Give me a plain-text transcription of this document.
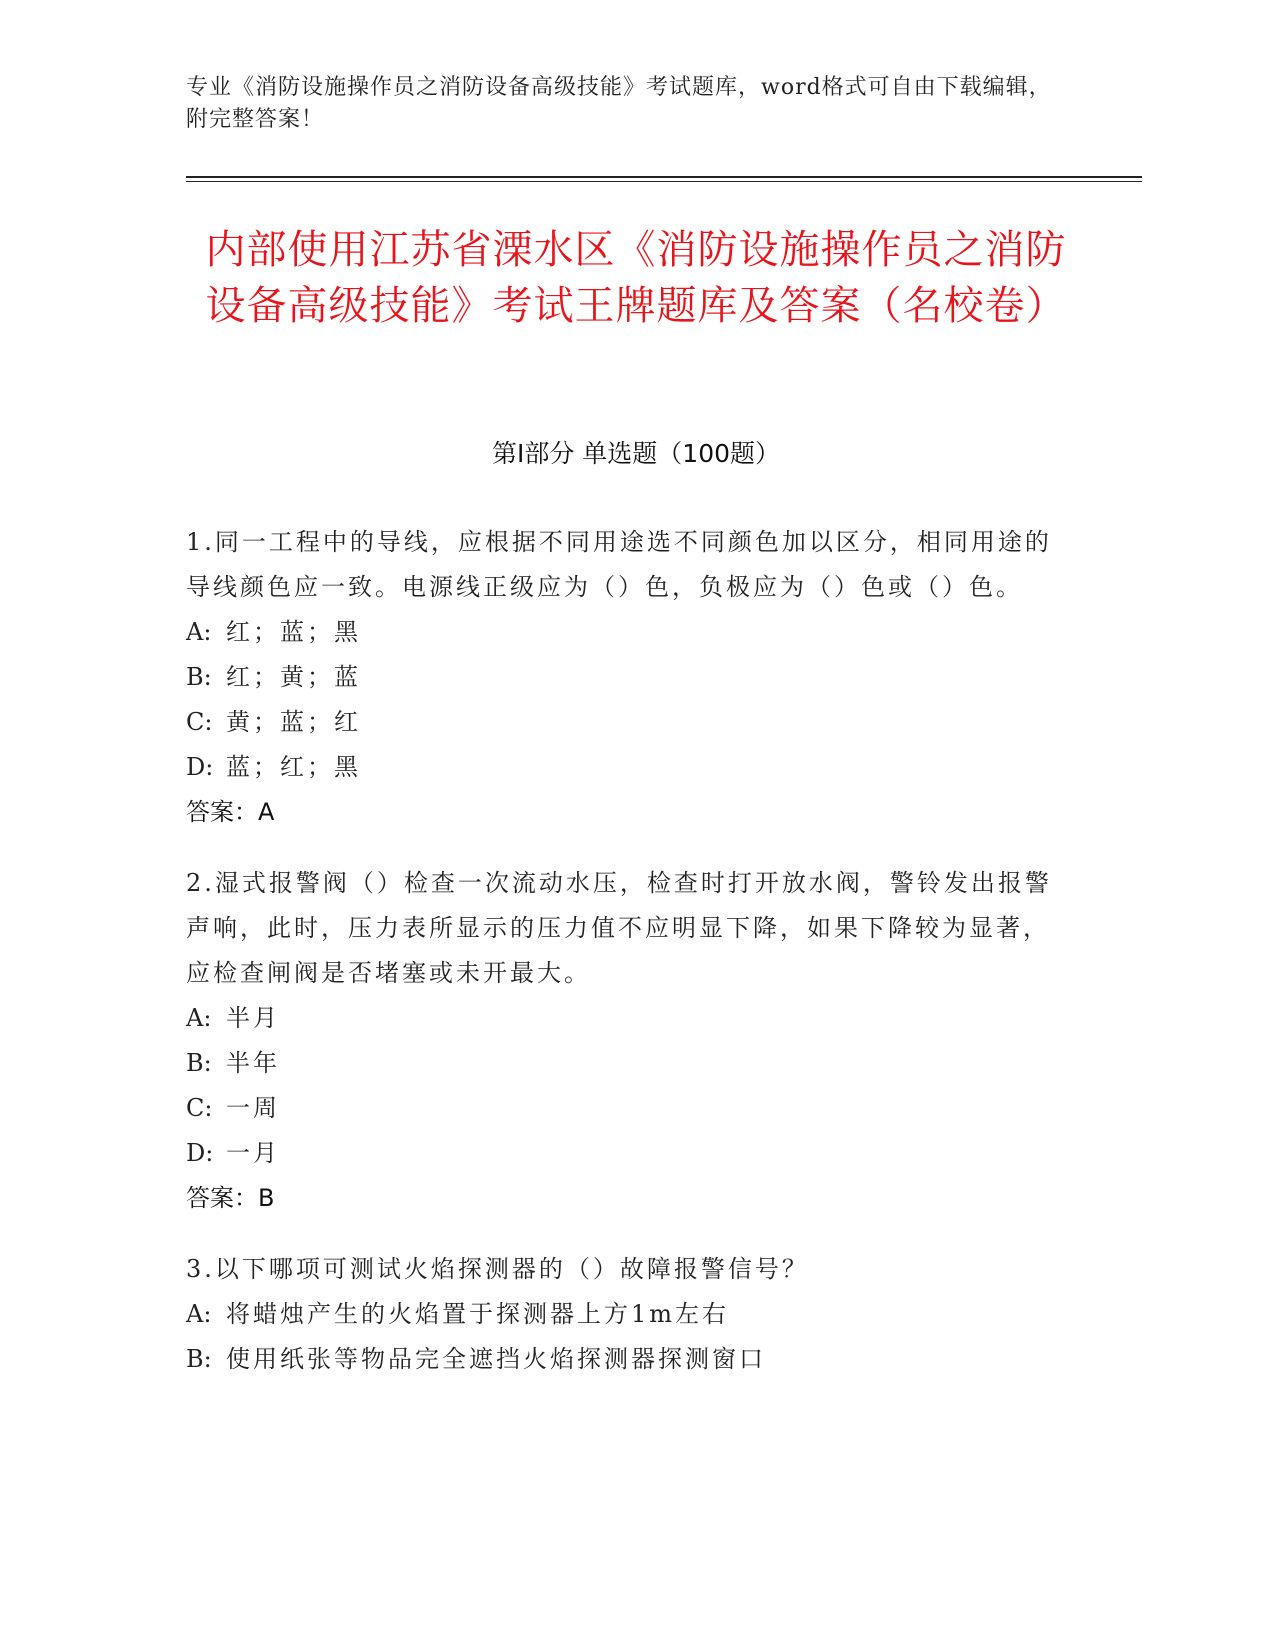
专业《消防设施操作员之消防设备高级技能》考试题库，word格式可自由下载编辑，附完整答案！
内部使用江苏省溧水区《消防设施操作员之消防设备高级技能》考试王牌题库及答案（名校卷）
第I部分 单选题（100题）
1.同一工程中的导线，应根据不同用途选不同颜色加以区分，相同用途的导线颜色应一致。电源线正级应为（）色，负极应为（）色或（）色。
A: 红；蓝；黑
B: 红；黄；蓝
C: 黄；蓝；红
D: 蓝；红；黑
答案：A
2.湿式报警阀（）检查一次流动水压，检查时打开放水阀，警铃发出报警声响，此时，压力表所显示的压力值不应明显下降，如果下降较为显著，应检查闸阀是否堵塞或未开最大。
A: 半月
B: 半年
C: 一周
D: 一月
答案：B
3.以下哪项可测试火焰探测器的（）故障报警信号？
A: 将蜡烛产生的火焰置于探测器上方1m左右
B: 使用纸张等物品完全遮挡火焰探测器探测窗口
